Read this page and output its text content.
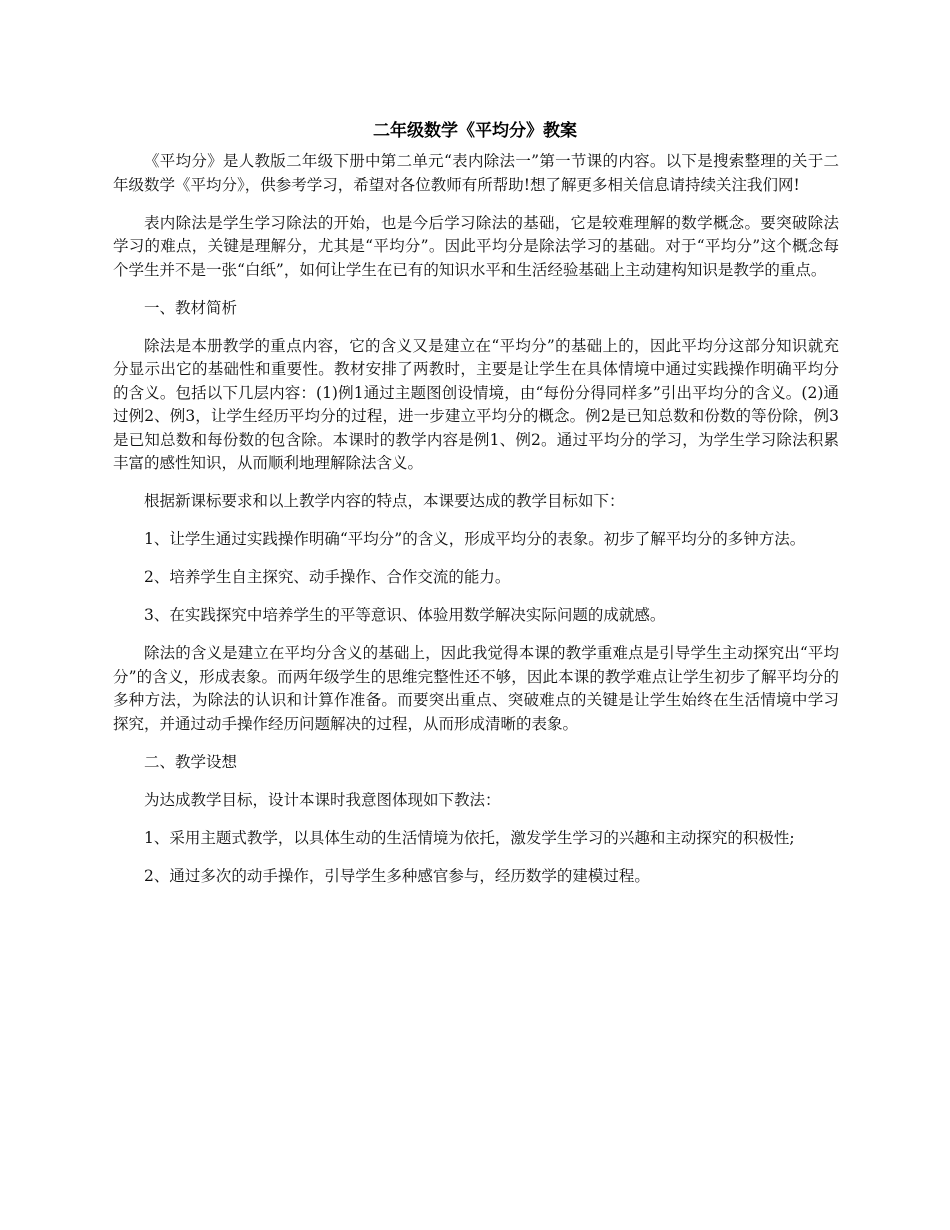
二年级数学《平均分》教案

《平均分》是人教版二年级下册中第二单元“表内除法一”第一节课的内容。以下是搜索整理的关于二年级数学《平均分》，供参考学习，希望对各位教师有所帮助!想了解更多相关信息请持续关注我们网!

表内除法是学生学习除法的开始，也是今后学习除法的基础，它是较难理解的数学概念。要突破除法学习的难点，关键是理解分，尤其是“平均分”。因此平均分是除法学习的基础。对于“平均分”这个概念每个学生并不是一张“白纸”，如何让学生在已有的知识水平和生活经验基础上主动建构知识是教学的重点。

一、教材简析

除法是本册教学的重点内容，它的含义又是建立在“平均分”的基础上的，因此平均分这部分知识就充分显示出它的基础性和重要性。教材安排了两教时，主要是让学生在具体情境中通过实践操作明确平均分的含义。包括以下几层内容：(1)例1通过主题图创设情境，由“每份分得同样多”引出平均分的含义。(2)通过例2、例3，让学生经历平均分的过程，进一步建立平均分的概念。例2是已知总数和份数的等份除，例3是已知总数和每份数的包含除。本课时的教学内容是例1、例2。通过平均分的学习，为学生学习除法积累丰富的感性知识，从而顺利地理解除法含义。

根据新课标要求和以上教学内容的特点，本课要达成的教学目标如下：

1、让学生通过实践操作明确“平均分”的含义，形成平均分的表象。初步了解平均分的多钟方法。

2、培养学生自主探究、动手操作、合作交流的能力。

3、在实践探究中培养学生的平等意识、体验用数学解决实际问题的成就感。

除法的含义是建立在平均分含义的基础上，因此我觉得本课的教学重难点是引导学生主动探究出“平均分”的含义，形成表象。而两年级学生的思维完整性还不够，因此本课的教学难点让学生初步了解平均分的多种方法，为除法的认识和计算作准备。而要突出重点、突破难点的关键是让学生始终在生活情境中学习探究，并通过动手操作经历问题解决的过程，从而形成清晰的表象。

二、教学设想

为达成教学目标，设计本课时我意图体现如下教法：

1、采用主题式教学，以具体生动的生活情境为依托，激发学生学习的兴趣和主动探究的积极性;

2、通过多次的动手操作，引导学生多种感官参与，经历数学的建模过程。
